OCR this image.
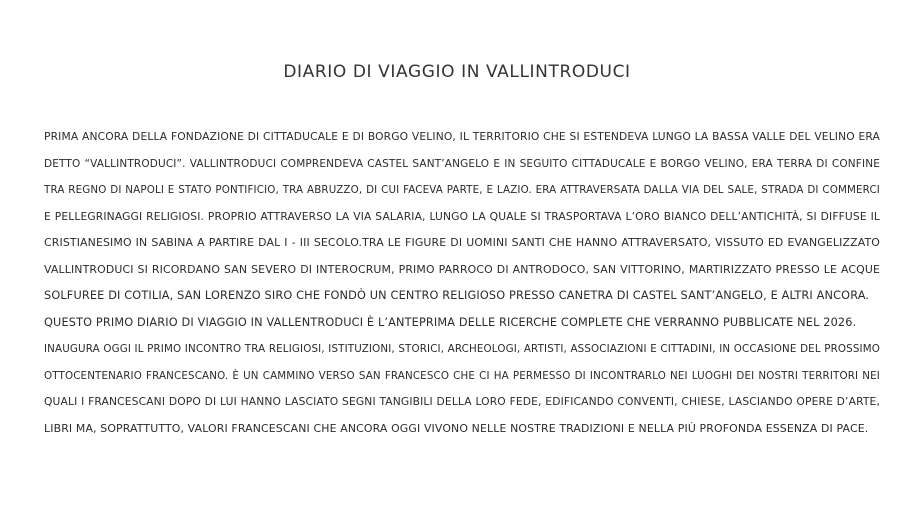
DIARIO DI VIAGGIO IN VALLINTRODUCI
PRIMA ANCORA DELLA FONDAZIONE DI CITTADUCALE E DI BORGO VELINO, IL TERRITORIO CHE SI ESTENDEVA LUNGO LA BASSA VALLE DEL VELINO ERA
DETTO “VALLINTRODUCI”. VALLINTRODUCI COMPRENDEVA CASTEL SANT’ANGELO E IN SEGUITO CITTADUCALE E BORGO VELINO, ERA TERRA DI CONFINE
TRA REGNO DI NAPOLI E STATO PONTIFICIO, TRA ABRUZZO, DI CUI FACEVA PARTE, E LAZIO. ERA ATTRAVERSATA DALLA VIA DEL SALE, STRADA DI COMMERCI
E PELLEGRINAGGI RELIGIOSI. PROPRIO ATTRAVERSO LA VIA SALARIA, LUNGO LA QUALE SI TRASPORTAVA L’ORO BIANCO DELL’ANTICHITÀ, SI DIFFUSE IL
CRISTIANESIMO IN SABINA A PARTIRE DAL I - III SECOLO.TRA LE FIGURE DI UOMINI SANTI CHE HANNO ATTRAVERSATO, VISSUTO ED EVANGELIZZATO
VALLINTRODUCI SI RICORDANO SAN SEVERO DI INTEROCRUM, PRIMO PARROCO DI ANTRODOCO, SAN VITTORINO, MARTIRIZZATO PRESSO LE ACQUE
SOLFUREE DI COTILIA, SAN LORENZO SIRO CHE FONDÒ UN CENTRO RELIGIOSO PRESSO CANETRA DI CASTEL SANT’ANGELO, E ALTRI ANCORA.
QUESTO PRIMO DIARIO DI VIAGGIO IN VALLENTRODUCI È L’ANTEPRIMA DELLE RICERCHE COMPLETE CHE VERRANNO PUBBLICATE NEL 2026.
INAUGURA OGGI IL PRIMO INCONTRO TRA RELIGIOSI, ISTITUZIONI, STORICI, ARCHEOLOGI, ARTISTI, ASSOCIAZIONI E CITTADINI, IN OCCASIONE DEL PROSSIMO
OTTOCENTENARIO FRANCESCANO. È UN CAMMINO VERSO SAN FRANCESCO CHE CI HA PERMESSO DI INCONTRARLO NEI LUOGHI DEI NOSTRI TERRITORI NEI
QUALI I FRANCESCANI DOPO DI LUI HANNO LASCIATO SEGNI TANGIBILI DELLA LORO FEDE, EDIFICANDO CONVENTI, CHIESE, LASCIANDO OPERE D’ARTE,
LIBRI MA, SOPRATTUTTO, VALORI FRANCESCANI CHE ANCORA OGGI VIVONO NELLE NOSTRE TRADIZIONI E NELLA PIÙ PROFONDA ESSENZA DI PACE.
